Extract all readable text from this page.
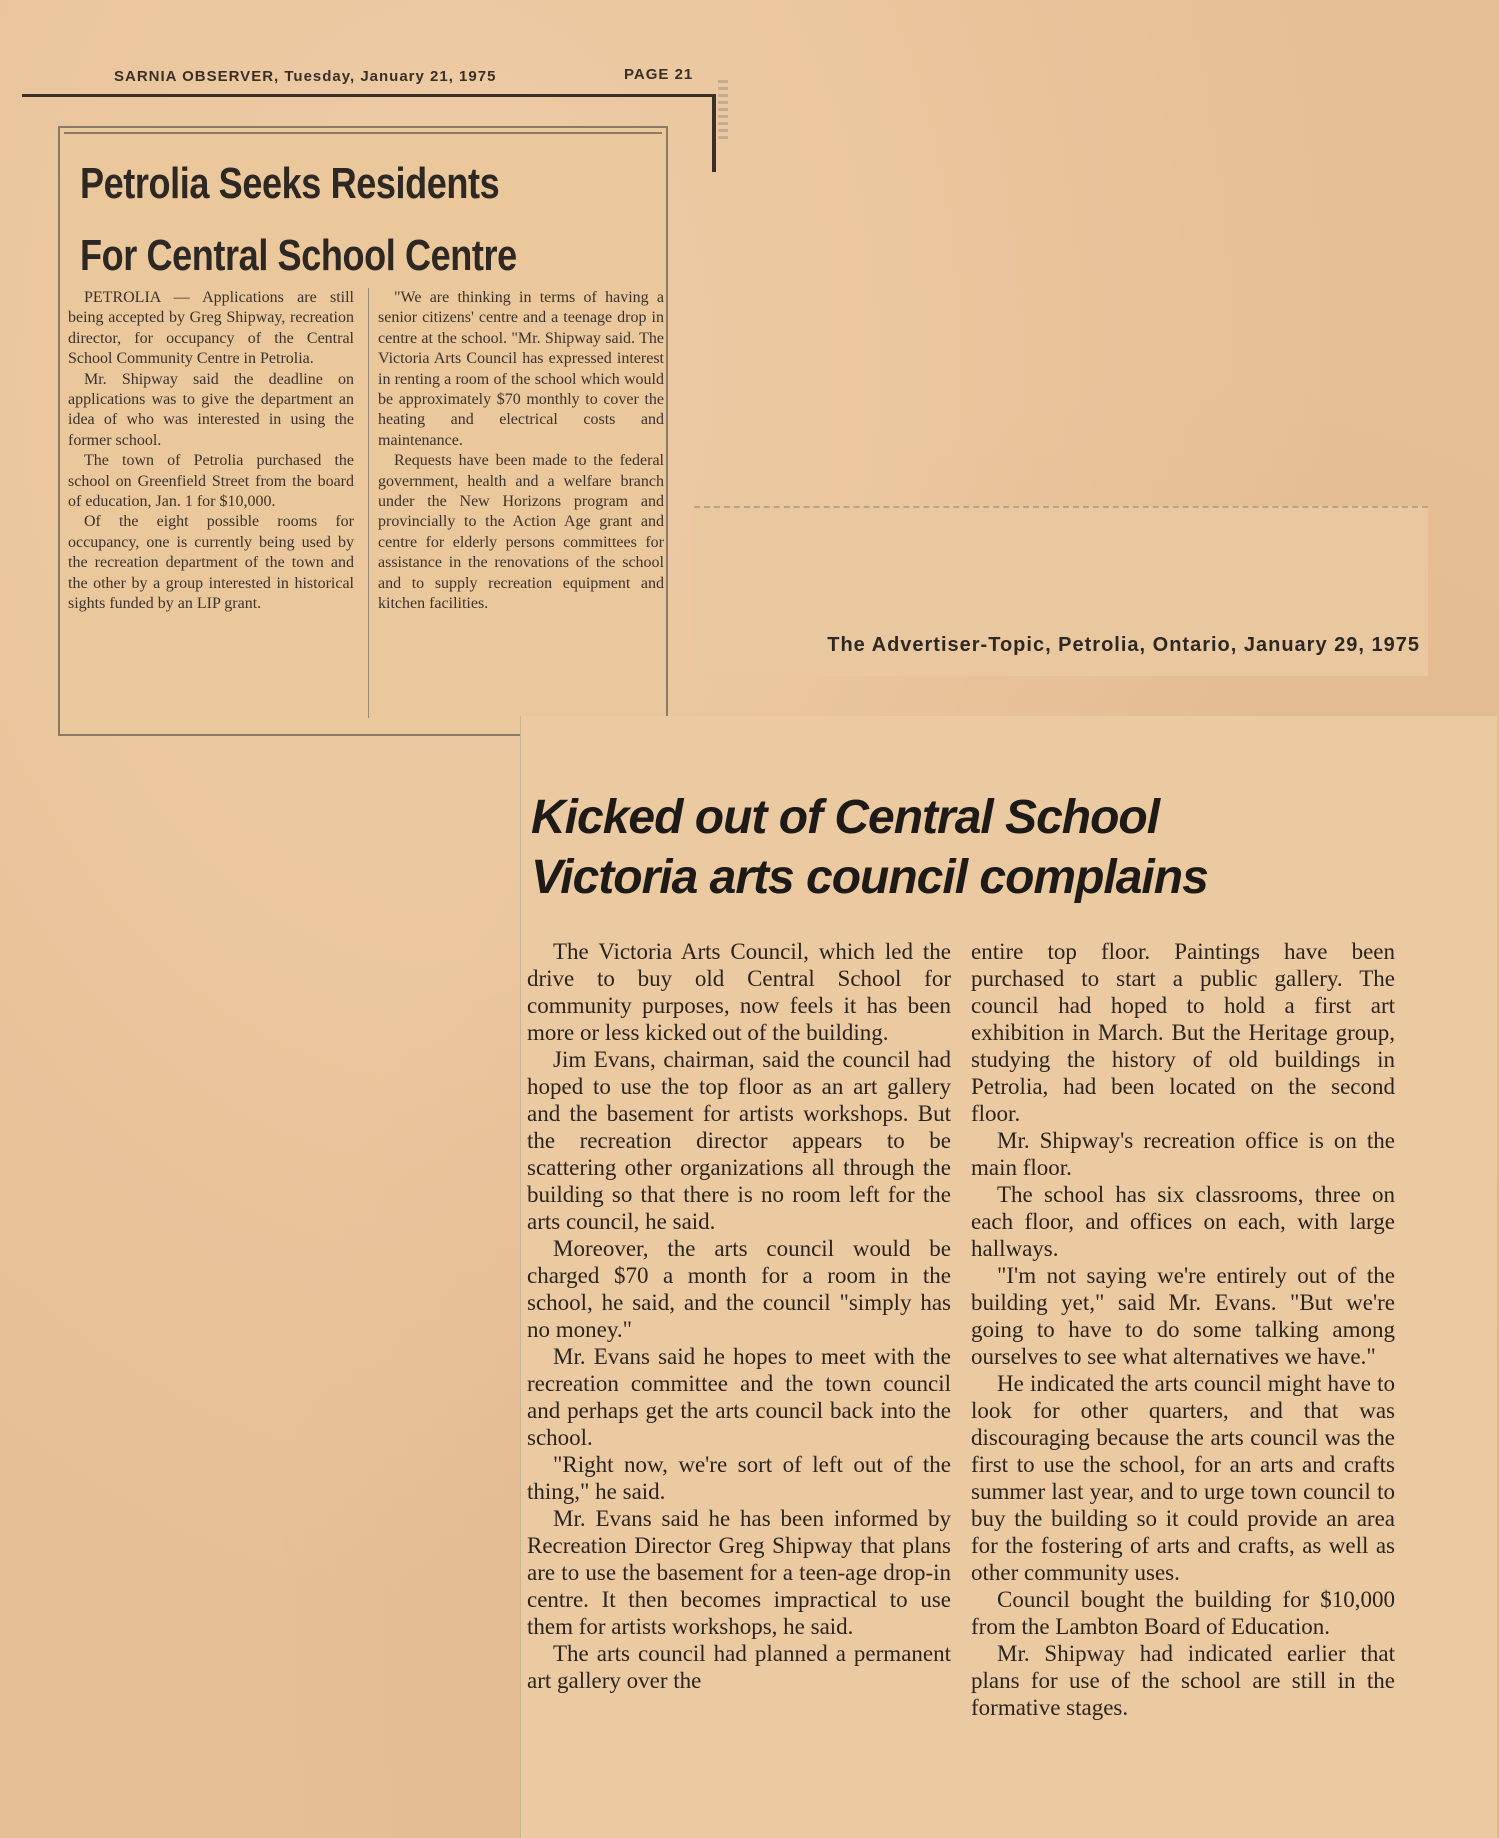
SARNIA OBSERVER, Tuesday, January 21, 1975	PAGE 21
Petrolia Seeks Residents
For Central School Centre

PETROLIA — Applications are still being accepted by Greg Shipway, recreation director, for occupancy of the Central School Community Centre in Petrolia.

Mr. Shipway said the deadline on applications was to give the department an idea of who was interested in using the former school.

The town of Petrolia purchased the school on Greenfield Street from the board of education, Jan. 1 for $10,000.

Of the eight possible rooms for occupancy, one is currently being used by the recreation department of the town and the other by a group interested in historical sights funded by an LIP grant.

"We are thinking in terms of having a senior citizens' centre and a teenage drop in centre at the school. "Mr. Shipway said. The Victoria Arts Council has expressed interest in renting a room of the school which would be approximately $70 monthly to cover the heating and electrical costs and maintenance.

Requests have been made to the federal government, health and a welfare branch under the New Horizons program and provincially to the Action Age grant and centre for elderly persons committees for assistance in the renovations of the school and to supply recreation equipment and kitchen facilities.

The Advertiser-Topic, Petrolia, Ontario, January 29, 1975
Kicked out of Central School
Victoria arts council complains

The Victoria Arts Council, which led the drive to buy old Central School for community purposes, now feels it has been more or less kicked out of the building.

Jim Evans, chairman, said the council had hoped to use the top floor as an art gallery and the basement for artists workshops. But the recreation director appears to be scattering other organizations all through the building so that there is no room left for the arts council, he said.

Moreover, the arts council would be charged $70 a month for a room in the school, he said, and the council "simply has no money."

Mr. Evans said he hopes to meet with the recreation committee and the town council and perhaps get the arts council back into the school.

"Right now, we're sort of left out of the thing," he said.

Mr. Evans said he has been informed by Recreation Director Greg Shipway that plans are to use the basement for a teen-age drop-in centre. It then becomes impractical to use them for artists workshops, he said.

The arts council had planned a permanent art gallery over the

entire top floor. Paintings have been purchased to start a public gallery. The council had hoped to hold a first art exhibition in March. But the Heritage group, studying the history of old buildings in Petrolia, had been located on the second floor.

Mr. Shipway's recreation office is on the main floor.

The school has six classrooms, three on each floor, and offices on each, with large hallways.

"I'm not saying we're entirely out of the building yet," said Mr. Evans. "But we're going to have to do some talking among ourselves to see what alternatives we have."

He indicated the arts council might have to look for other quarters, and that was discouraging because the arts council was the first to use the school, for an arts and crafts summer last year, and to urge town council to buy the building so it could provide an area for the fostering of arts and crafts, as well as other community uses.

Council bought the building for $10,000 from the Lambton Board of Education.

Mr. Shipway had indicated earlier that plans for use of the school are still in the formative stages.
